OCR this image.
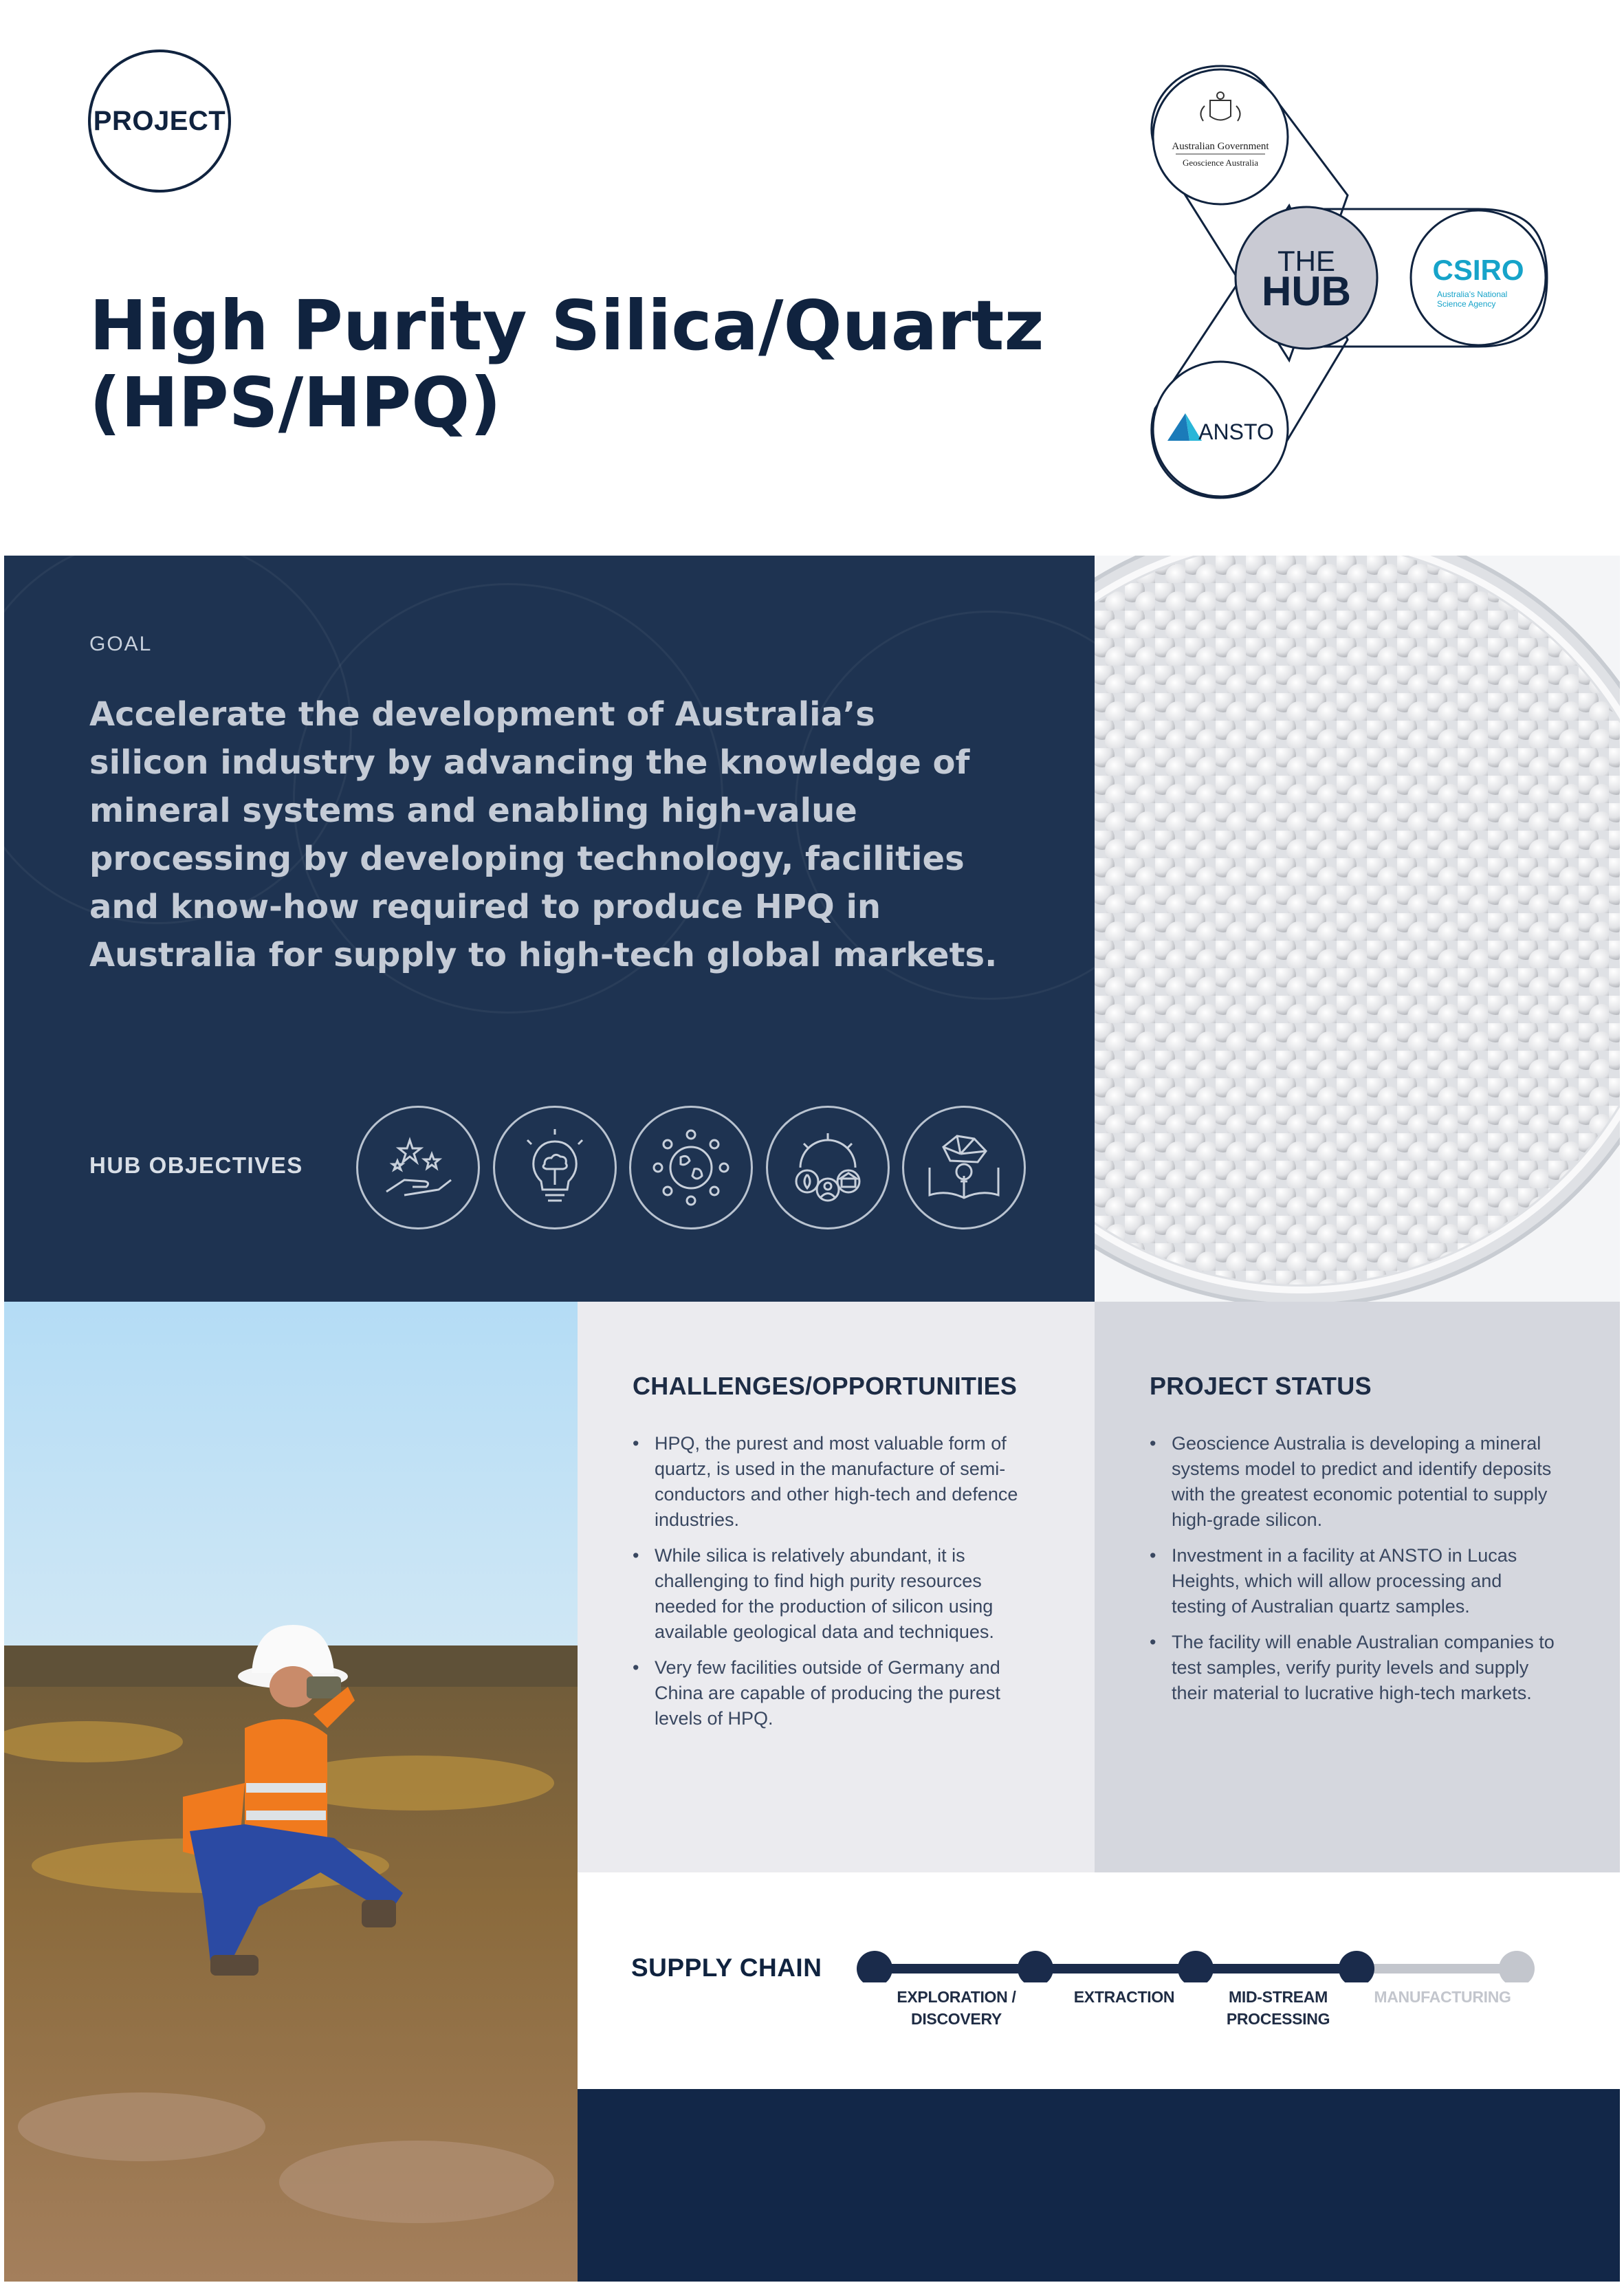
PROJECT
High Purity Silica/Quartz
(HPS/HPQ)
Australian Government
Geoscience Australia
THE
HUB	CSIRO
Australia's National
Science Agency
ANSTO
GOAL

Accelerate the development of Australia’s silicon industry by advancing the knowledge of mineral systems and enabling high-value processing by developing technology, facilities and know-how required to produce HPQ in Australia for supply to high-tech global markets.

HUB OBJECTIVES
CHALLENGES/OPPORTUNITIES
• HPQ, the purest and most valuable form of quartz, is used in the manufacture of semi-conductors and other high-tech and defence industries.
• While silica is relatively abundant, it is challenging to find high purity resources needed for the production of silicon using available geological data and techniques.
• Very few facilities outside of Germany and China are capable of producing the purest levels of HPQ.
PROJECT STATUS
• Geoscience Australia is developing a mineral systems model to predict and identify deposits with the greatest economic potential to supply high-grade silicon.
• Investment in a facility at ANSTO in Lucas Heights, which will allow processing and testing of Australian quartz samples.
• The facility will enable Australian companies to test samples, verify purity levels and supply their material to lucrative high-tech markets.
SUPPLY CHAIN
EXPLORATION /
DISCOVERY
EXTRACTION	MID-STREAM
PROCESSING
MANUFACTURING
